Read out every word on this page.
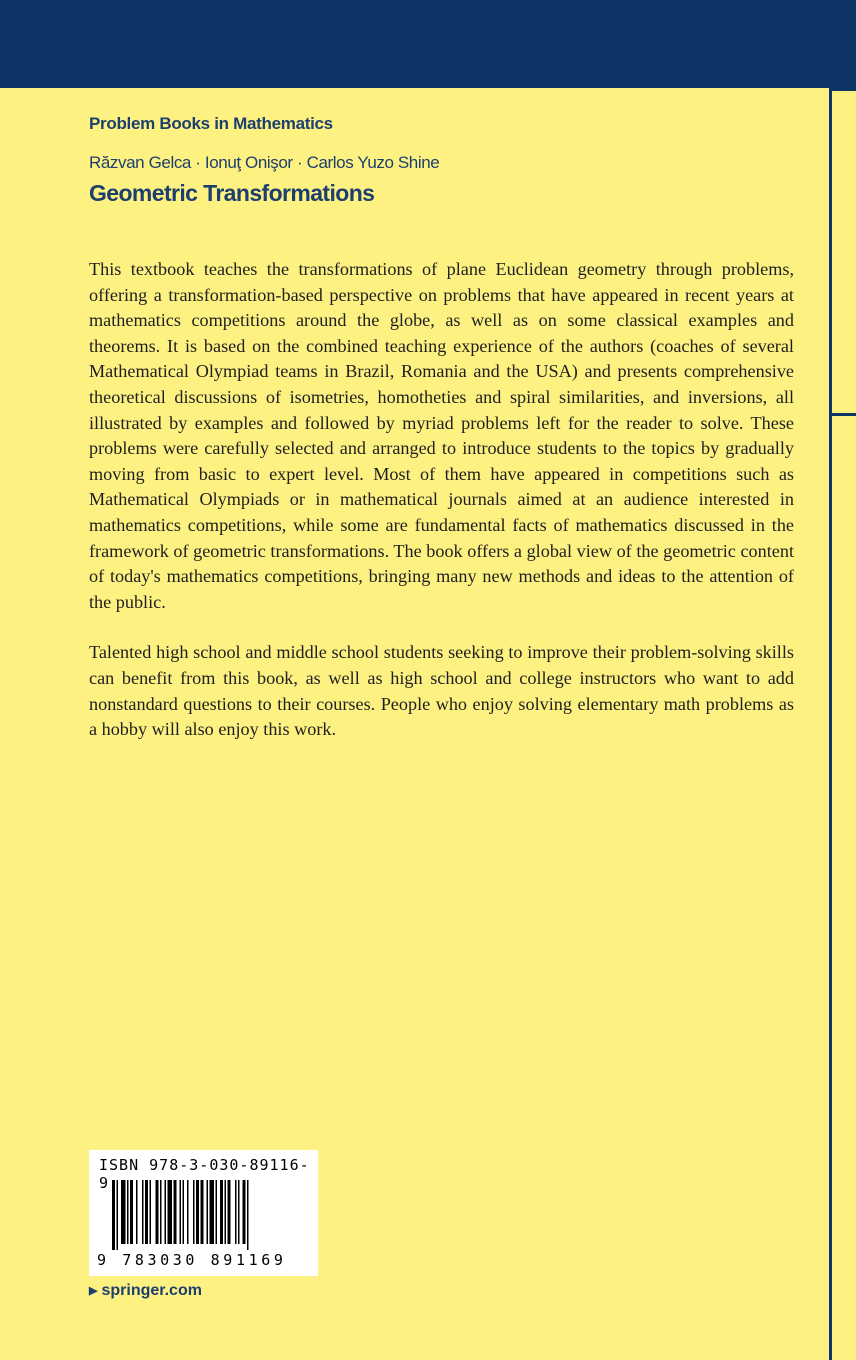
Problem Books in Mathematics
Răzvan Gelca · Ionuţ Onişor · Carlos Yuzo Shine
Geometric Transformations

This textbook teaches the transformations of plane Euclidean geometry through problems, offering a transformation-based perspective on problems that have appeared in recent years at mathematics competitions around the globe, as well as on some classical examples and theorems. It is based on the combined teaching experience of the authors (coaches of several Mathematical Olympiad teams in Brazil, Romania and the USA) and presents comprehensive theoretical discussions of isometries, homotheties and spiral similarities, and inversions, all illustrated by examples and followed by myriad problems left for the reader to solve. These problems were carefully selected and arranged to introduce students to the topics by gradually moving from basic to expert level. Most of them have appeared in competitions such as Mathematical Olympiads or in mathematical journals aimed at an audience interested in mathematics competitions, while some are fundamental facts of mathematics discussed in the framework of geometric transformations. The book offers a global view of the geometric content of today's mathematics competitions, bringing many new methods and ideas to the attention of the public.

Talented high school and middle school students seeking to improve their problem-solving skills can benefit from this book, as well as high school and college instructors who want to add nonstandard questions to their courses. People who enjoy solving elementary math problems as a hobby will also enjoy this work.

ISBN 978-3-030-89116-9
9 783030 891169
▶ springer.com
